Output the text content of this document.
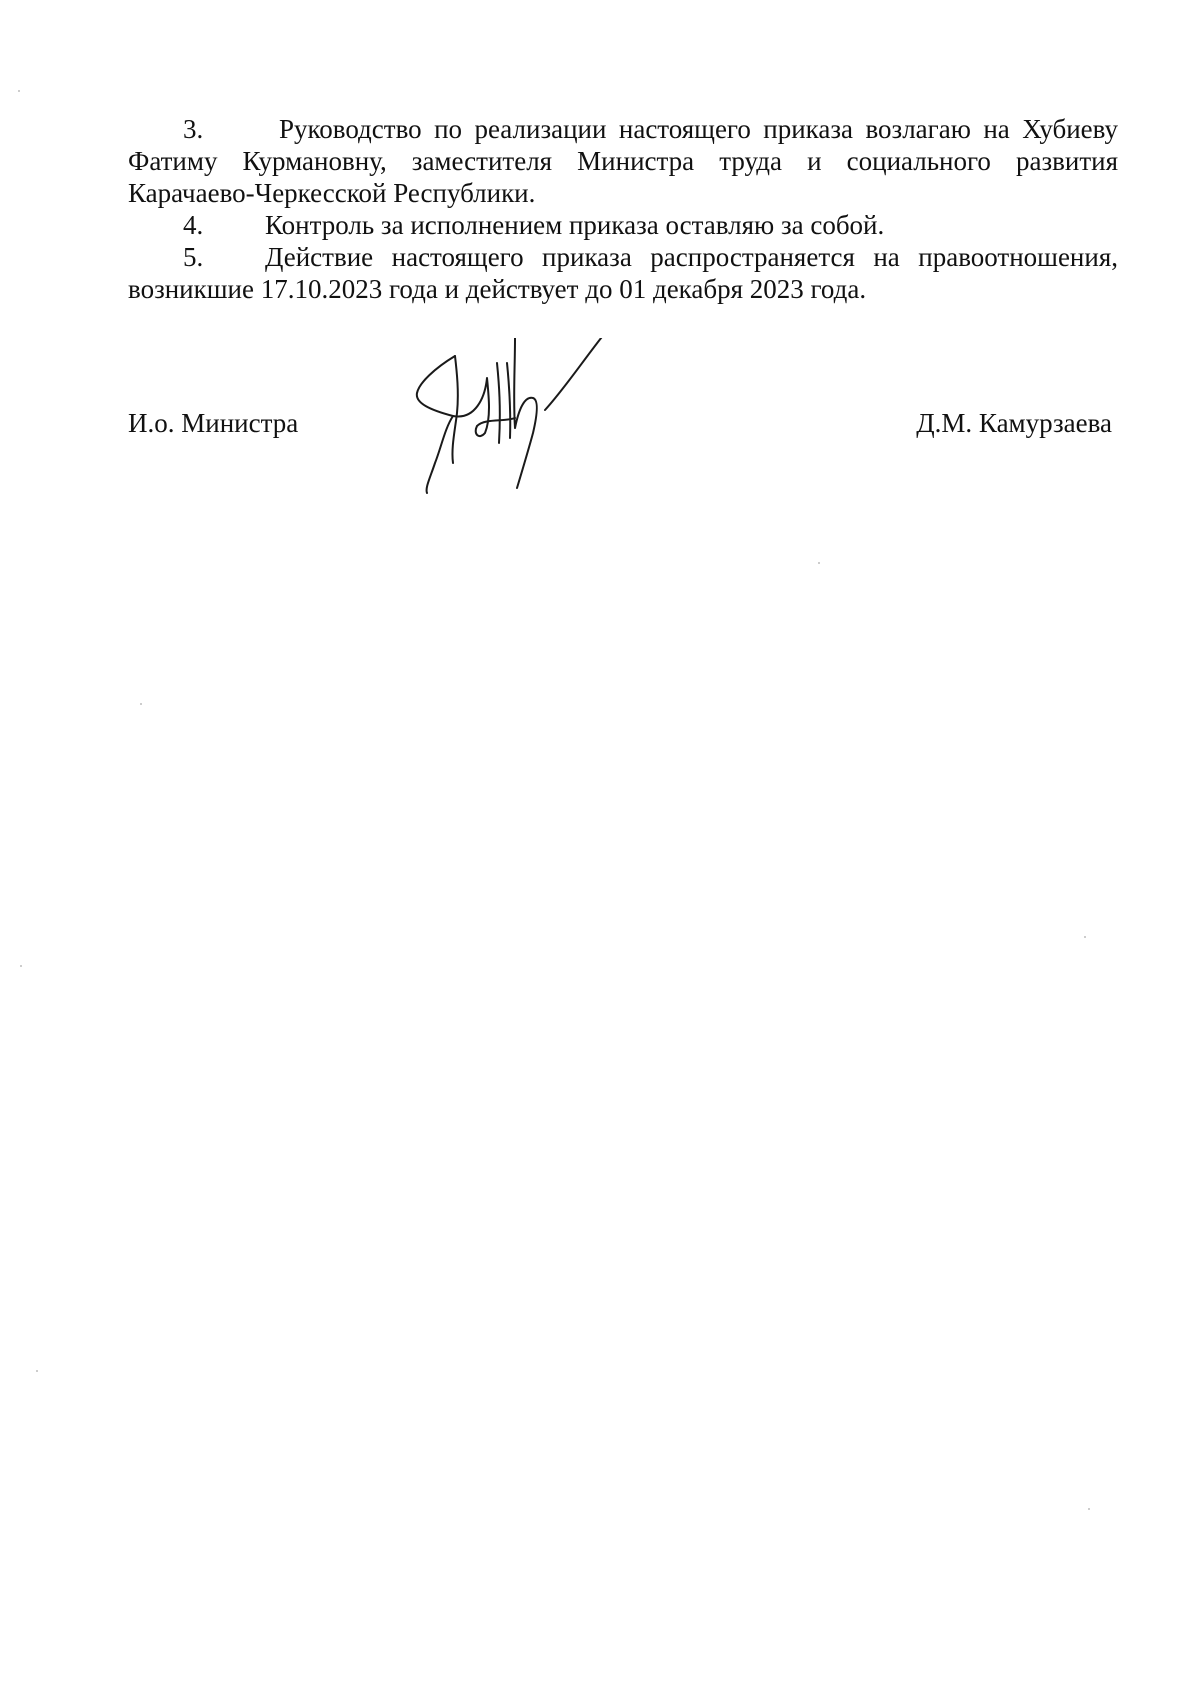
3.	Руководство по реализации настоящего приказа возлагаю на Хубиеву Фатиму Курмановну, заместителя Министра труда и социального развития Карачаево-Черкесской Республики.

4. Контроль за исполнением приказа оставляю за собой.

5. Действие настоящего приказа распространяется на правоотношения, возникшие 17.10.2023 года и действует до 01 декабря 2023 года.

И.о. Министра	Д.М. Камурзаева
